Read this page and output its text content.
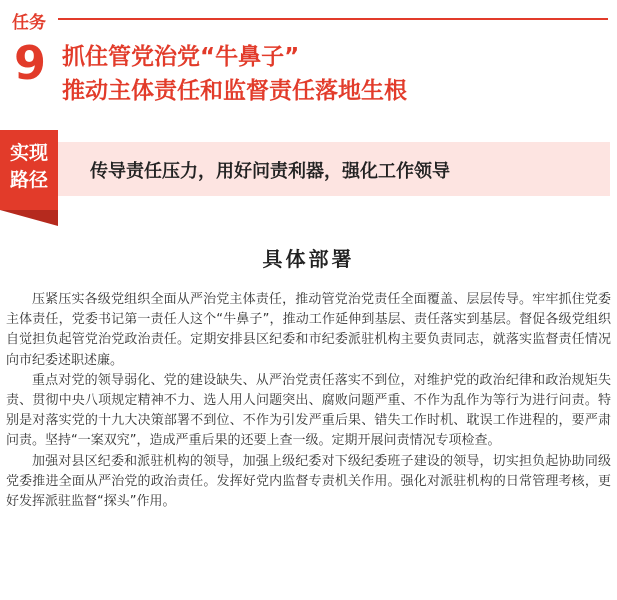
任务
9 抓住管党治党“牛鼻子”
推动主体责任和监督责任落地生根
实现
路径	传导责任压力，用好问责利器，强化工作领导
具体部署

压紧压实各级党组织全面从严治党主体责任，推动管党治党责任全面覆盖、层层传导。牢牢抓住党委主体责任，党委书记第一责任人这个“牛鼻子”，推动工作延伸到基层、责任落实到基层。督促各级党组织自觉担负起管党治党政治责任。定期安排县区纪委和市纪委派驻机构主要负责同志，就落实监督责任情况向市纪委述职述廉。

重点对党的领导弱化、党的建设缺失、从严治党责任落实不到位，对维护党的政治纪律和政治规矩失责、贯彻中央八项规定精神不力、选人用人问题突出、腐败问题严重、不作为乱作为等行为进行问责。特别是对落实党的十九大决策部署不到位、不作为引发严重后果、错失工作时机、耽误工作进程的，要严肃问责。坚持“一案双究”，造成严重后果的还要上查一级。定期开展问责情况专项检查。

加强对县区纪委和派驻机构的领导，加强上级纪委对下级纪委班子建设的领导，切实担负起协助同级党委推进全面从严治党的政治责任。发挥好党内监督专责机关作用。强化对派驻机构的日常管理考核，更好发挥派驻监督“探头”作用。
